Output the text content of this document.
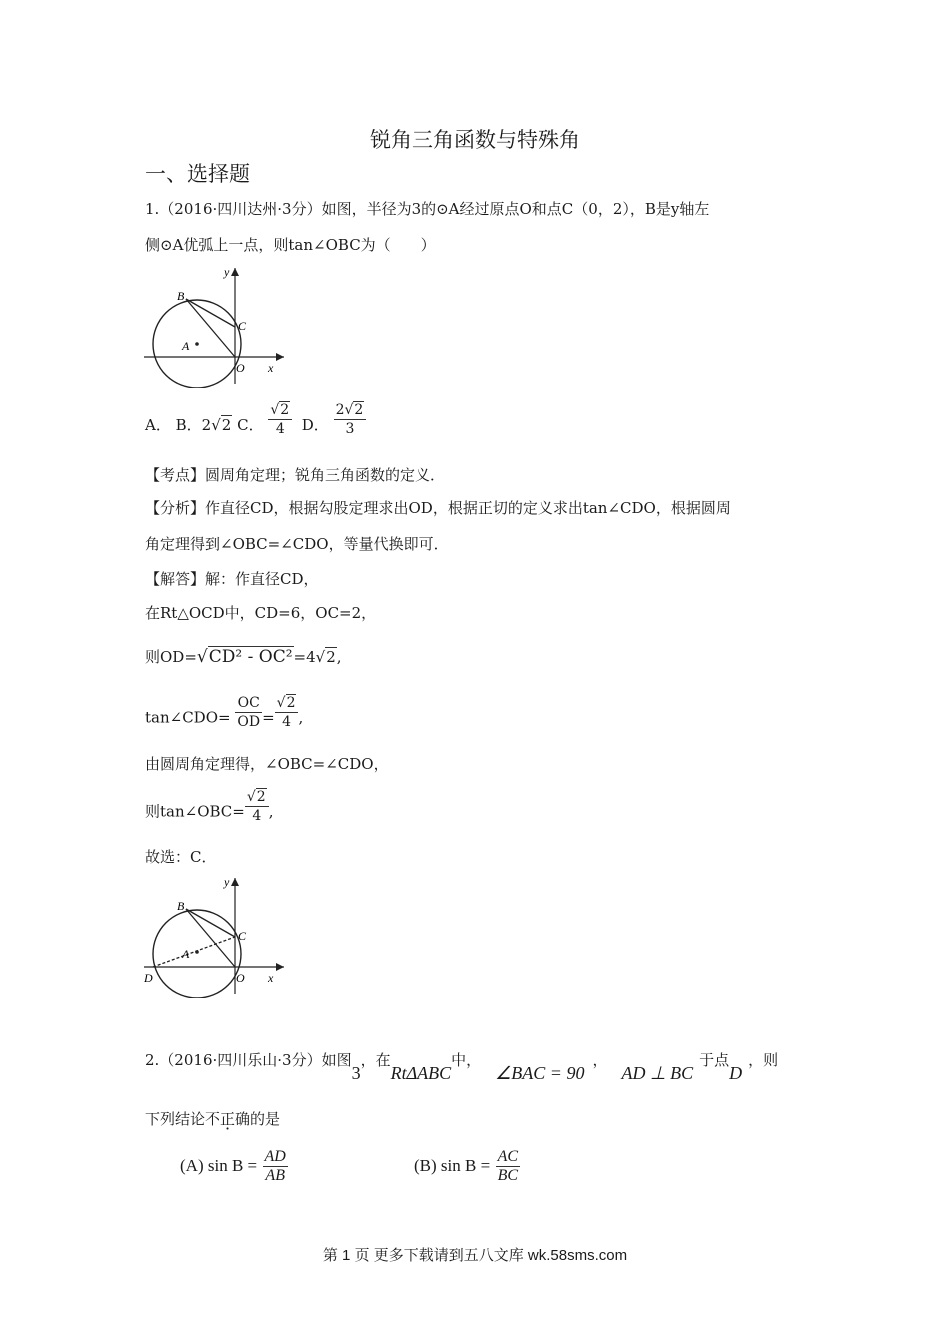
锐角三角函数与特殊角
一、选择题
1.（2016·四川达州·3分）如图，半径为3的⊙A经过原点O和点C（0，2），B是y轴左
侧⊙A优弧上一点，则tan∠OBC为（　　）
B
C
A
O x
y
A． B．2√2 C． $\frac{√2}{4}$ D． $\frac{2√2}{3}$
【考点】圆周角定理；锐角三角函数的定义．
【分析】作直径CD，根据勾股定理求出OD，根据正切的定义求出tan∠CDO，根据圆周
角定理得到∠OBC=∠CDO，等量代换即可．
【解答】解：作直径CD，
在Rt△OCD中，CD=6，OC=2，
则OD=√CD² - OC²=4√2,
tan∠CDO= $\frac{OC}{OD} = \frac{√2}{4}$ ,
由圆周角定理得，∠OBC=∠CDO，
则tan∠OBC= $\frac{√2}{4}$ ,
故选：C．
B
C
A
O x
y
D
2.（2016·四川乐山·3分）如图3，在RtΔABC中，∠BAC = 90，AD ⊥ BC于点D，则
下列结论不正确的是
(A) $\sin B = \frac{AD}{AB}$	(B) $\sin B = \frac{AC}{BC}$
第 1 页 更多下载请到五八文库 wk.58sms.com
